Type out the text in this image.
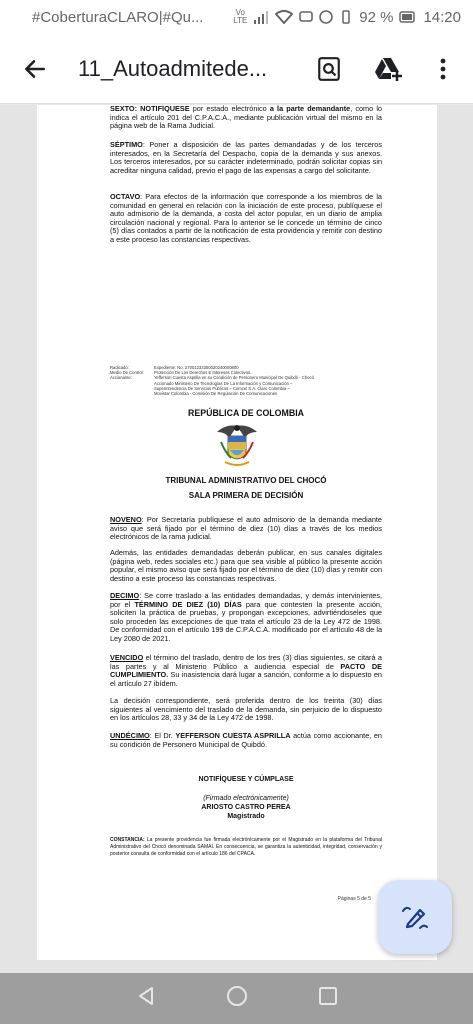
#CoberturaCLARO|#Qu...	Vo LTE	92 % 14:20
11_Autoadmitede...
SEXTO: NOTIFÍQUESE por estado electrónico a la parte demandante, como lo indica el artículo 201 del C.P.A.C.A., mediante publicación virtual del mismo en la página web de la Rama Judicial.
SÉPTIMO: Poner a disposición de las partes demandadas y de los terceros interesados, en la Secretaría del Despacho, copia de la demanda y sus anexos. Los terceros interesados, por su carácter indeterminado, podrán solicitar copias sin acreditar ninguna calidad, previo el pago de las expensas a cargo del solicitante.
OCTAVO: Para efectos de la información que corresponde a los miembros de la comunidad en general en relación con la iniciación de este proceso, publíquese el auto admisorio de la demanda, a costa del actor popular, en un diario de amplia circulación nacional y regional. Para lo anterior se le concede un término de cinco (5) días contados a partir de la notificación de esta providencia y remitir con destino a este proceso las constancias respectivas.
Radicado:	Expediente: No. 27001233300020240000800
Medio De Control: Protección De Los Derechos E Intereses Colectivos.
Accionante:	Yefferson Cuesta Asprilla en su Condición de Personero Municipal De Quibdó - Chocó
Accionado Ministerio De Tecnologías De La Información y Comunicación –
Superintendencia De Servicios Públicos – Comcel S.A. Claro Colombia –
Movistar Colombia - Comisión De Regulación De Comunicaciones
REPÚBLICA DE COLOMBIA
TRIBUNAL ADMINISTRATIVO DEL CHOCÓ
SALA PRIMERA DE DECISIÓN
NOVENO: Por Secretaría publíquese el auto admisorio de la demanda mediante aviso que será fijado por el término de diez (10) días a través de los medios electrónicos de la rama judicial.
Además, las entidades demandadas deberán publicar, en sus canales digitales (página web, redes sociales etc.) para que sea visible al público la presente acción popular, el mismo aviso que será fijado por el término de diez (10) días y remitir con destino a este proceso las constancias respectivas.
DECIMO: Se corre traslado a las entidades demandadas, y demás intervinientes, por el TÉRMINO DE DIEZ (10) DÍAS para que contesten la presente acción, soliciten la práctica de pruebas, y propongan excepciones, advirtiéndoseles que solo proceden las excepciones de que trata el artículo 23 de la Ley 472 de 1998. De conformidad con el artículo 199 de C.P.A.C.A. modificado por el artículo 48 de la Ley 2080 de 2021.
VENCIDO el término del traslado, dentro de los tres (3) días siguientes, se citará a las partes y al Ministerio Público a audiencia especial de PACTO DE CUMPLIMIENTO. Su inasistencia dará lugar a sanción, conforme a lo dispuesto en el artículo 27 ibídem.
La decisión correspondiente, será proferida dentro de los treinta (30) días siguientes al vencimiento del traslado de la demanda, sin perjuicio de lo dispuesto en los artículos 28, 33 y 34 de la Ley 472 de 1998.
UNDÉCIMO: El Dr. YEFFERSON CUESTA ASPRILLA actúa como accionante, en su condición de Personero Municipal de Quibdó.
NOTIFÍQUESE Y CÚMPLASE
(Firmado electrónicamente)
ARIOSTO CASTRO PEREA
Magistrado
CONSTANCIA: La presente providencia fue firmada electrónicamente por el Magistrado en la plataforma del Tribunal Administrativo del Chocó denominada SAMAI. En consecuencia, se garantiza la autenticidad, integridad, conservación y posterior consulta de conformidad con el artículo 186 del CPACA.
Páginas 5 de 5
